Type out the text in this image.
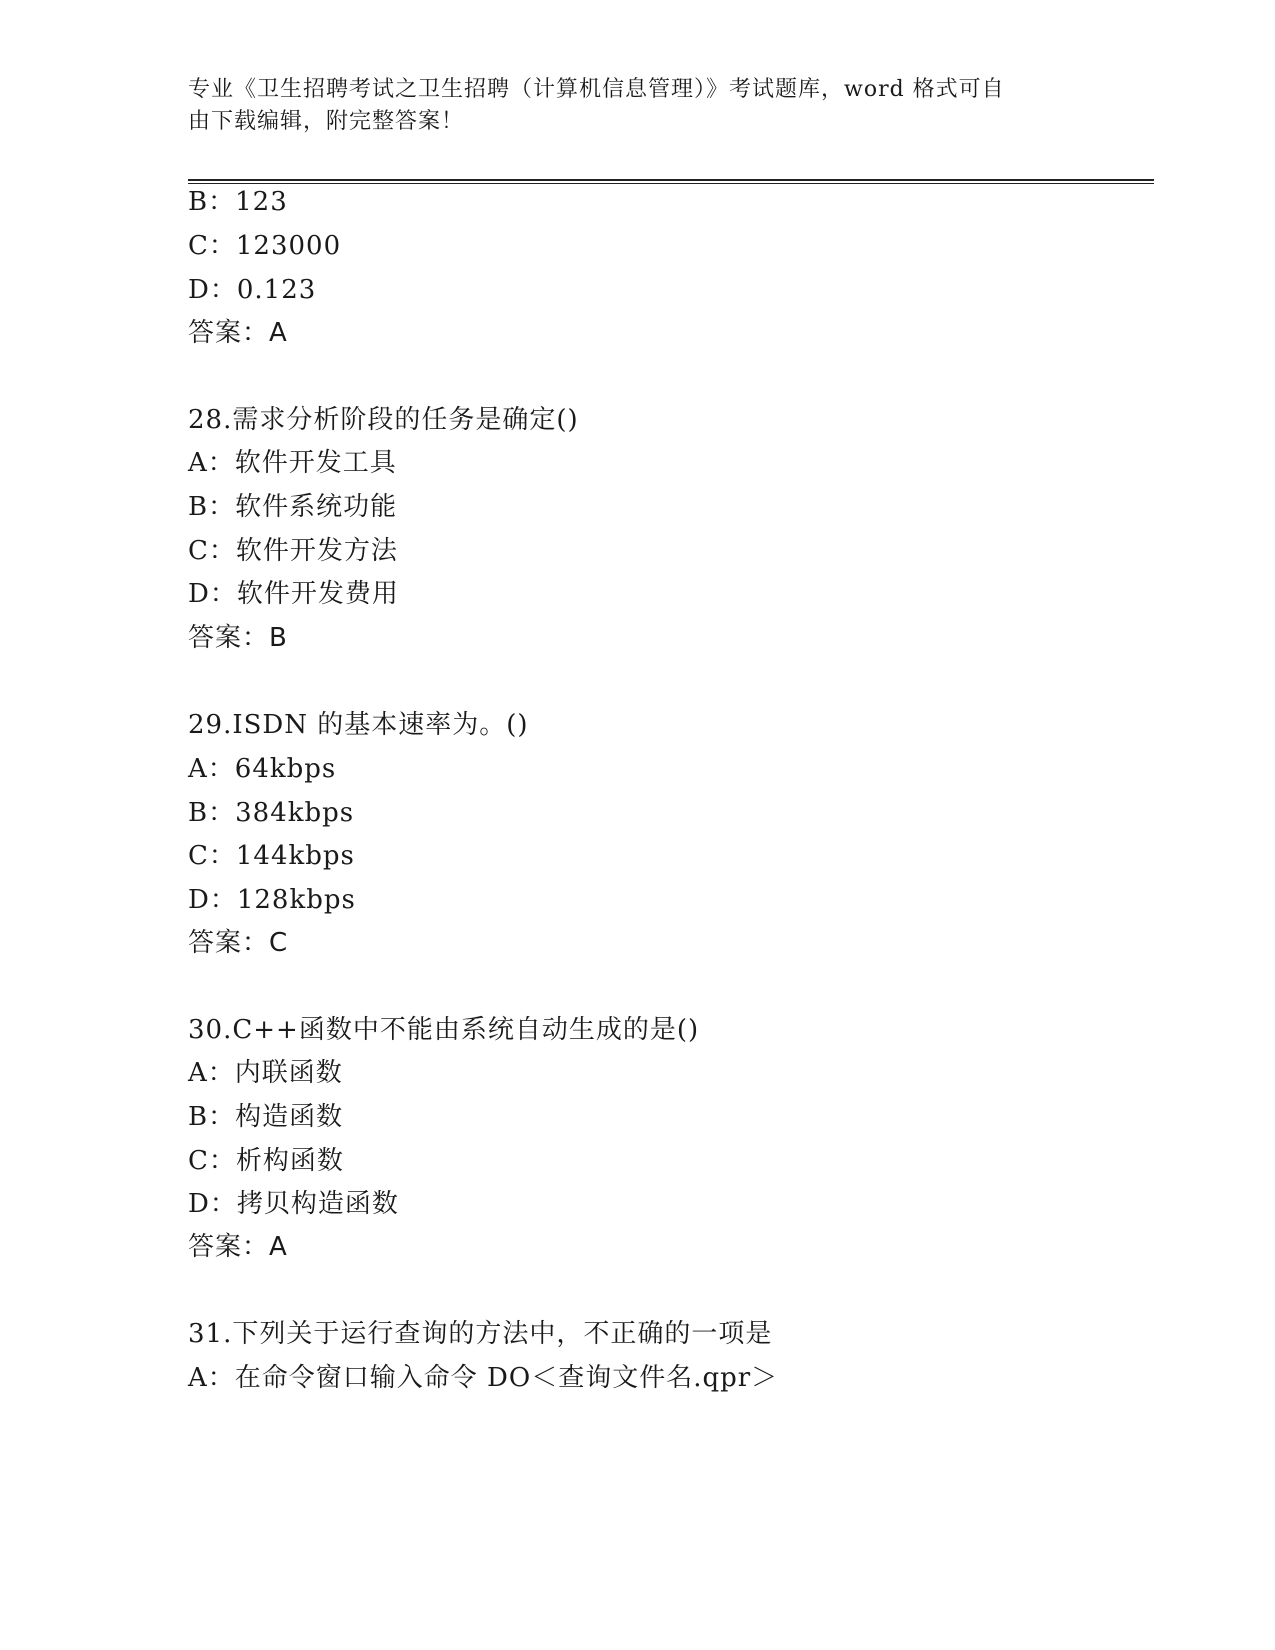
专业《卫生招聘考试之卫生招聘（计算机信息管理）》考试题库，word 格式可自
由下载编辑，附完整答案！
B：123
C：123000
D：0.123
答案：A
28.需求分析阶段的任务是确定()
A：软件开发工具
B：软件系统功能
C：软件开发方法
D：软件开发费用
答案：B
29.ISDN 的基本速率为。()
A：64kbps
B：384kbps
C：144kbps
D：128kbps
答案：C
30.C++函数中不能由系统自动生成的是()
A：内联函数
B：构造函数
C：析构函数
D：拷贝构造函数
答案：A
31.下列关于运行查询的方法中，不正确的一项是
A：在命令窗口输入命令 DO＜查询文件名.qpr＞
